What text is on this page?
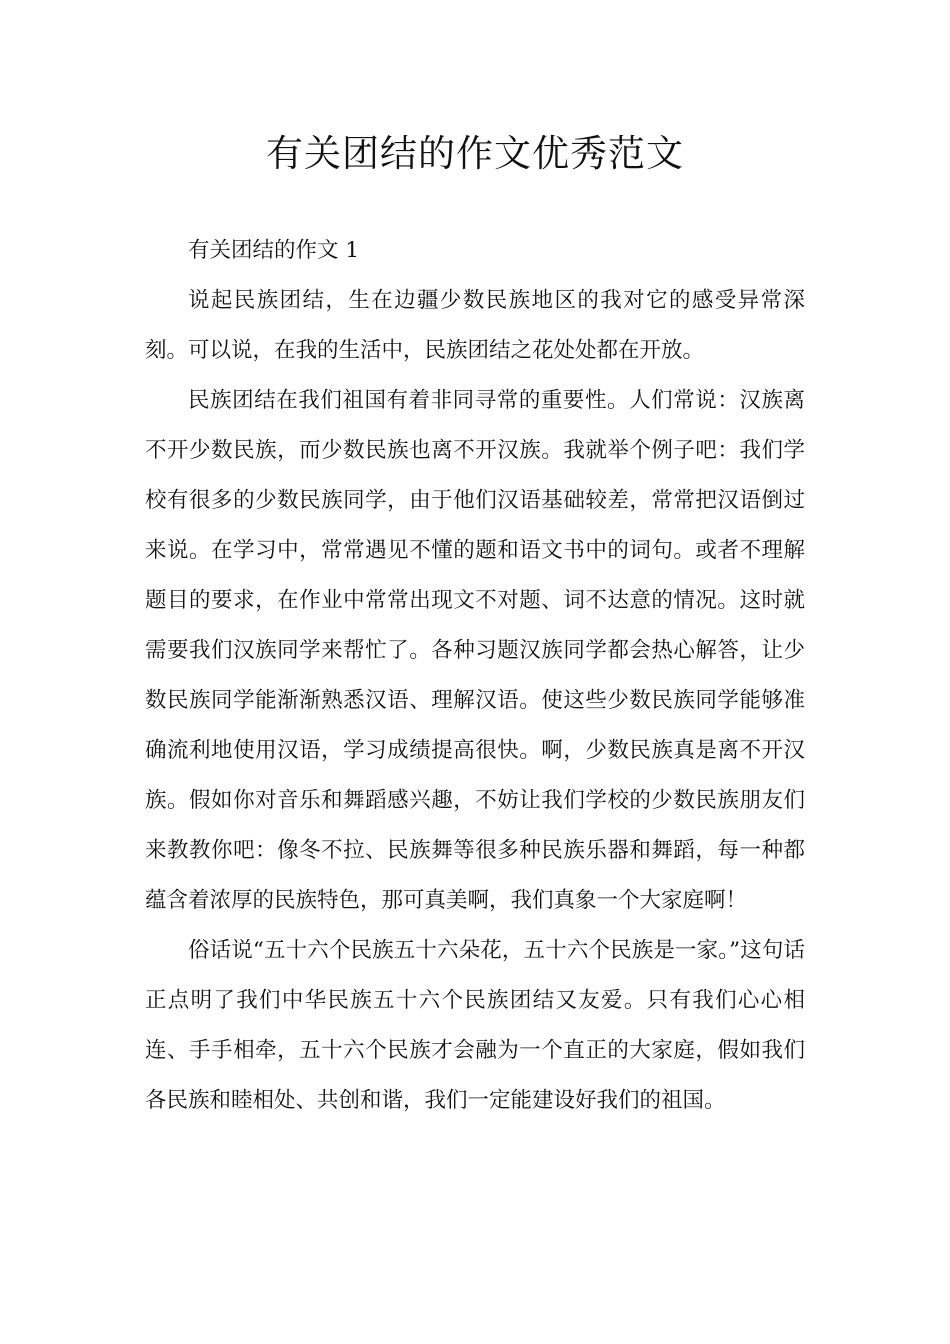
有关团结的作文优秀范文

有关团结的作文 1

说起民族团结，生在边疆少数民族地区的我对它的感受异常深刻。可以说，在我的生活中，民族团结之花处处都在开放。

民族团结在我们祖国有着非同寻常的重要性。人们常说：汉族离不开少数民族，而少数民族也离不开汉族。我就举个例子吧：我们学校有很多的少数民族同学，由于他们汉语基础较差，常常把汉语倒过来说。在学习中，常常遇见不懂的题和语文书中的词句。或者不理解题目的要求，在作业中常常出现文不对题、词不达意的情况。这时就需要我们汉族同学来帮忙了。各种习题汉族同学都会热心解答，让少数民族同学能渐渐熟悉汉语、理解汉语。使这些少数民族同学能够准确流利地使用汉语，学习成绩提高很快。啊，少数民族真是离不开汉族。假如你对音乐和舞蹈感兴趣，不妨让我们学校的少数民族朋友们来教教你吧：像冬不拉、民族舞等很多种民族乐器和舞蹈，每一种都蕴含着浓厚的民族特色，那可真美啊，我们真象一个大家庭啊！

俗话说“五十六个民族五十六朵花，五十六个民族是一家。”这句话正点明了我们中华民族五十六个民族团结又友爱。只有我们心心相连、手手相牵，五十六个民族才会融为一个直正的大家庭，假如我们各民族和睦相处、共创和谐，我们一定能建设好我们的祖国。
